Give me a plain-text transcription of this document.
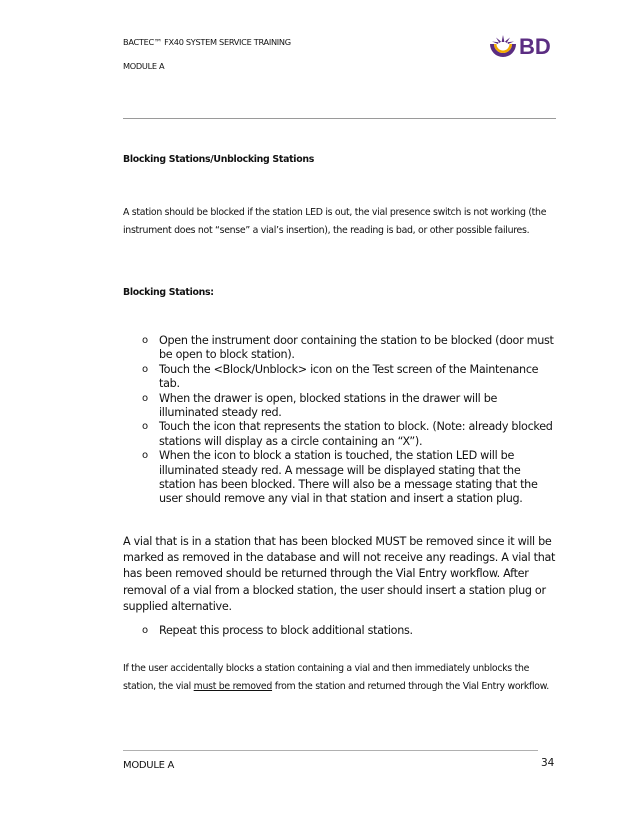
BACTEC™ FX40 SYSTEM SERVICE TRAINING
MODULE A
BD
Blocking Stations/Unblocking Stations
A station should be blocked if the station LED is out, the vial presence switch is not working (the instrument does not “sense” a vial’s insertion), the reading is bad, or other possible failures.
Blocking Stations:
o Open the instrument door containing the station to be blocked (door must be open to block station).
o Touch the <Block/Unblock> icon on the Test screen of the Maintenance tab.
o When the drawer is open, blocked stations in the drawer will be illuminated steady red.
o Touch the icon that represents the station to block. (Note: already blocked stations will display as a circle containing an “X”).
o When the icon to block a station is touched, the station LED will be illuminated steady red. A message will be displayed stating that the station has been blocked. There will also be a message stating that the user should remove any vial in that station and insert a station plug.
A vial that is in a station that has been blocked MUST be removed since it will be marked as removed in the database and will not receive any readings. A vial that has been removed should be returned through the Vial Entry workflow. After removal of a vial from a blocked station, the user should insert a station plug or supplied alternative.
o Repeat this process to block additional stations.
If the user accidentally blocks a station containing a vial and then immediately unblocks the station, the vial must be removed from the station and returned through the Vial Entry workflow.
MODULE A	34
